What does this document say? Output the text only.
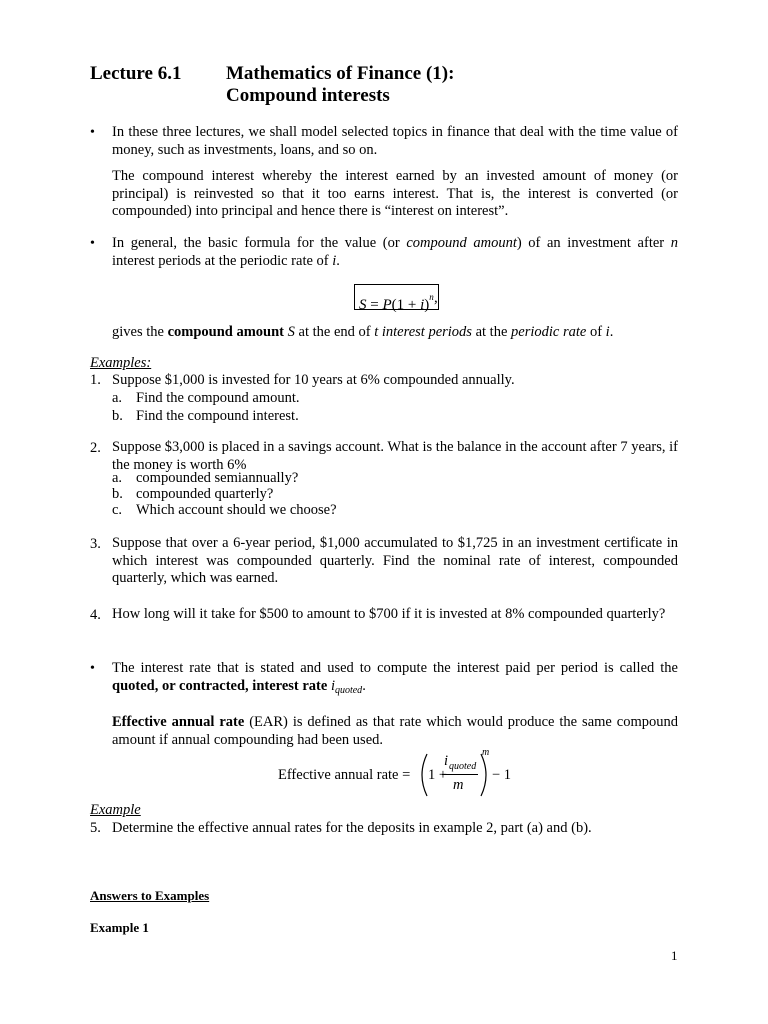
Lecture 6.1 Mathematics of Finance (1):
Compound interests
• In these three lectures, we shall model selected topics in finance that deal with the time value of money, such as investments, loans, and so on.
The compound interest whereby the interest earned by an invested amount of money (or principal) is reinvested so that it too earns interest. That is, the interest is converted (or compounded) into principal and hence there is “interest on interest”.
• In general, the basic formula for the value (or compound amount) of an investment after n interest periods at the periodic rate of i.
$S = P(1 + i)^n$ ,
gives the compound amount S at the end of t interest periods at the periodic rate of i.
Examples:
1. Suppose $1,000 is invested for 10 years at 6% compounded annually.
a. Find the compound amount.
b. Find the compound interest.
2. Suppose $3,000 is placed in a savings account. What is the balance in the account after 7 years, if the money is worth 6%
a. compounded semiannually?
b. compounded quarterly?
c. Which account should we choose?
3. Suppose that over a 6-year period, $1,000 accumulated to $1,725 in an investment certificate in which interest was compounded quarterly. Find the nominal rate of interest, compounded quarterly, which was earned.
4. How long will it take for $500 to amount to $700 if it is invested at 8% compounded quarterly?
• The interest rate that is stated and used to compute the interest paid per period is called the quoted, or contracted, interest rate $i_{quoted}$.
Effective annual rate (EAR) is defined as that rate which would produce the same compound amount if annual compounding had been used.
Effective annual rate = 1 +
i quoted
m
m
− 1
Example
5. Determine the effective annual rates for the deposits in example 2, part (a) and (b).
Answers to Examples
Example 1
1
